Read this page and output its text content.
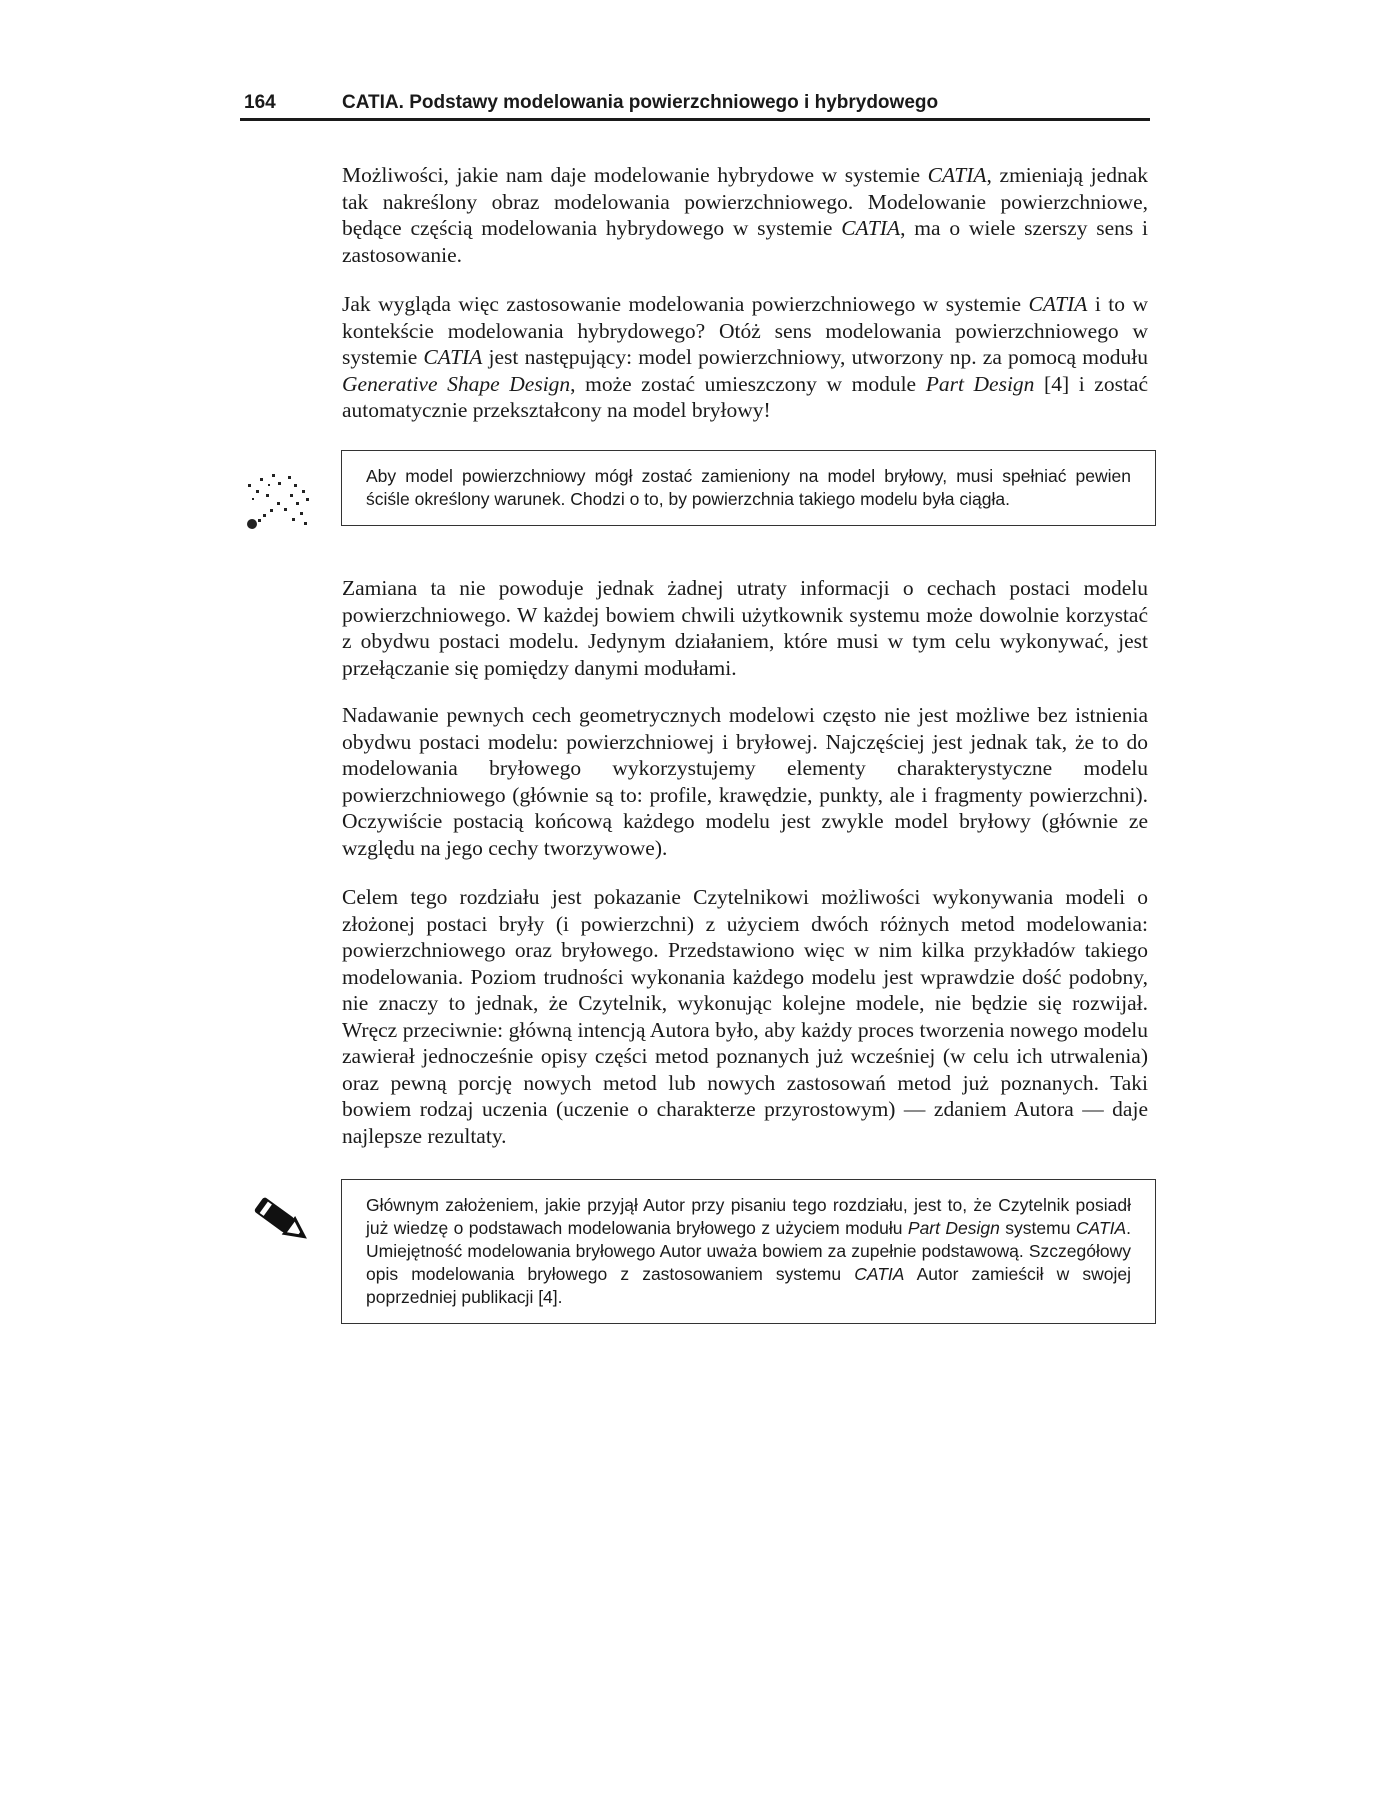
164	CATIA. Podstawy modelowania powierzchniowego i hybrydowego

Możliwości, jakie nam daje modelowanie hybrydowe w systemie CATIA, zmieniają jednak tak nakreślony obraz modelowania powierzchniowego. Modelowanie powierzchniowe, będące częścią modelowania hybrydowego w systemie CATIA, ma o wiele szerszy sens i zastosowanie.

Jak wygląda więc zastosowanie modelowania powierzchniowego w systemie CATIA i to w kontekście modelowania hybrydowego? Otóż sens modelowania powierzchniowego w systemie CATIA jest następujący: model powierzchniowy, utworzony np. za pomocą modułu Generative Shape Design, może zostać umieszczony w module Part Design [4] i zostać automatycznie przekształcony na model bryłowy!

Aby model powierzchniowy mógł zostać zamieniony na model bryłowy, musi spełniać pewien ściśle określony warunek. Chodzi o to, by powierzchnia takiego modelu była ciągła.

Zamiana ta nie powoduje jednak żadnej utraty informacji o cechach postaci modelu powierzchniowego. W każdej bowiem chwili użytkownik systemu może dowolnie korzystać z obydwu postaci modelu. Jedynym działaniem, które musi w tym celu wykonywać, jest przełączanie się pomiędzy danymi modułami.

Nadawanie pewnych cech geometrycznych modelowi często nie jest możliwe bez istnienia obydwu postaci modelu: powierzchniowej i bryłowej. Najczęściej jest jednak tak, że to do modelowania bryłowego wykorzystujemy elementy charakterystyczne modelu powierzchniowego (głównie są to: profile, krawędzie, punkty, ale i fragmenty powierzchni). Oczywiście postacią końcową każdego modelu jest zwykle model bryłowy (głównie ze względu na jego cechy tworzywowe).

Celem tego rozdziału jest pokazanie Czytelnikowi możliwości wykonywania modeli o złożonej postaci bryły (i powierzchni) z użyciem dwóch różnych metod modelowania: powierzchniowego oraz bryłowego. Przedstawiono więc w nim kilka przykładów takiego modelowania. Poziom trudności wykonania każdego modelu jest wprawdzie dość podobny, nie znaczy to jednak, że Czytelnik, wykonując kolejne modele, nie będzie się rozwijał. Wręcz przeciwnie: główną intencją Autora było, aby każdy proces tworzenia nowego modelu zawierał jednocześnie opisy części metod poznanych już wcześniej (w celu ich utrwalenia) oraz pewną porcję nowych metod lub nowych zastosowań metod już poznanych. Taki bowiem rodzaj uczenia (uczenie o charakterze przyrostowym) — zdaniem Autora — daje najlepsze rezultaty.

Głównym założeniem, jakie przyjął Autor przy pisaniu tego rozdziału, jest to, że Czytelnik posiadł już wiedzę o podstawach modelowania bryłowego z użyciem modułu Part Design systemu CATIA. Umiejętność modelowania bryłowego Autor uważa bowiem za zupełnie podstawową. Szczegółowy opis modelowania bryłowego z zastosowaniem systemu CATIA Autor zamieścił w swojej poprzedniej publikacji [4].
